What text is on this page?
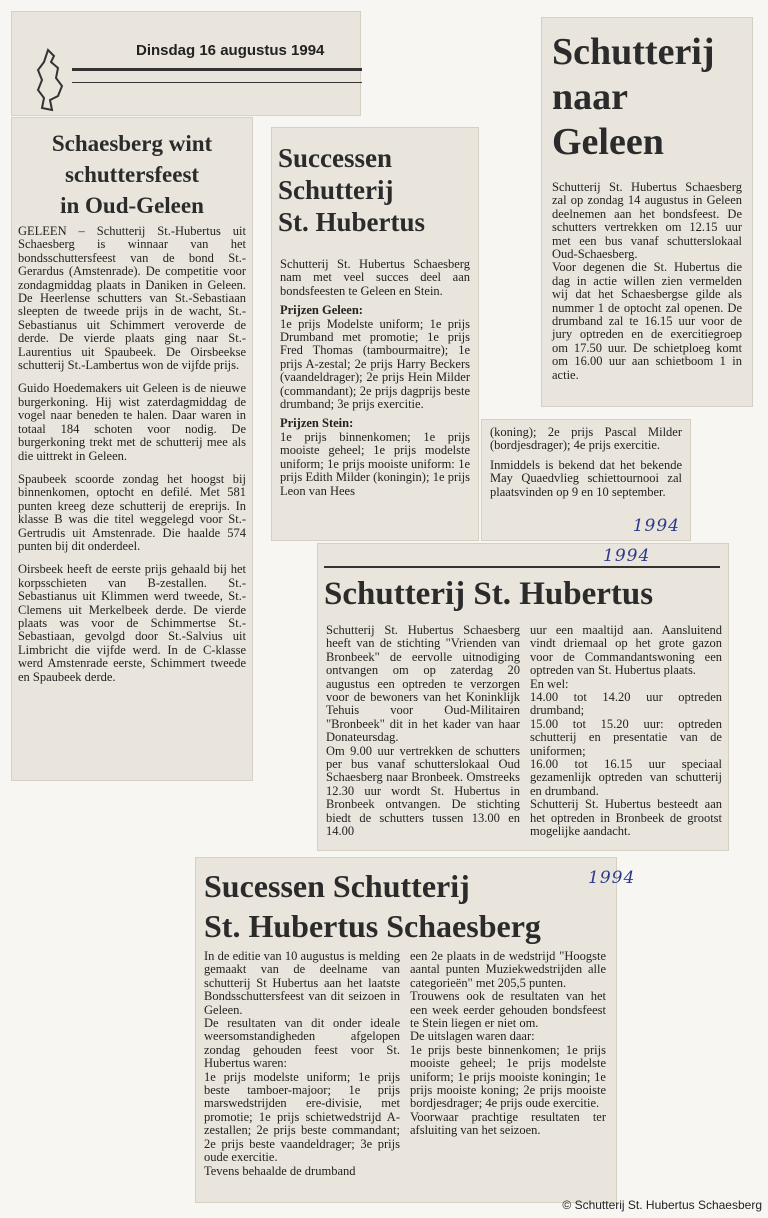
Dinsdag 16 augustus 1994
Schaesberg wint
schuttersfeest
in Oud-Geleen

GELEEN – Schutterij St.-Hubertus uit Schaesberg is winnaar van het bondsschuttersfeest van de bond St.-Gerardus (Amstenrade). De competitie voor zondagmiddag plaats in Daniken in Geleen. De Heerlense schutters van St.-Sebastiaan sleepten de tweede prijs in de wacht, St.-Sebastianus uit Schimmert veroverde de derde. De vierde plaats ging naar St.-Laurentius uit Spaubeek. De Oirsbeekse schutterij St.-Lambertus won de vijfde prijs.

Guido Hoedemakers uit Geleen is de nieuwe burgerkoning. Hij wist zaterdagmiddag de vogel naar beneden te halen. Daar waren in totaal 184 schoten voor nodig. De burgerkoning trekt met de schutterij mee als die uittrekt in Geleen.

Spaubeek scoorde zondag het hoogst bij binnenkomen, optocht en defilé. Met 581 punten kreeg deze schutterij de ereprijs. In klasse B was die titel weggelegd voor St.-Gertrudis uit Amstenrade. Die haalde 574 punten bij dit onderdeel.

Oirsbeek heeft de eerste prijs gehaald bij het korpsschieten van B-zestallen. St.-Sebastianus uit Klimmen werd tweede, St.-Clemens uit Merkelbeek derde. De vierde plaats was voor de Schimmertse St.-Sebastiaan, gevolgd door St.-Salvius uit Limbricht die vijfde werd. In de C-klasse werd Amstenrade eerste, Schimmert tweede en Spaubeek derde.

Successen
Schutterij
St. Hubertus

Schutterij St. Hubertus Schaesberg nam met veel succes deel aan bondsfeesten te Geleen en Stein.

Prijzen Geleen:

1e prijs Modelste uniform; 1e prijs Drumband met promotie; 1e prijs Fred Thomas (tambourmaitre); 1e prijs A-zestal; 2e prijs Harry Beckers (vaandeldrager); 2e prijs Hein Milder (commandant); 2e prijs dagprijs beste drumband; 3e prijs exercitie.

Prijzen Stein:

1e prijs binnenkomen; 1e prijs mooiste geheel; 1e prijs modelste uniform; 1e prijs mooiste uniform: 1e prijs Edith Milder (koningin); 1e prijs Leon van Hees

(koning); 2e prijs Pascal Milder (bordjesdrager); 4e prijs exercitie.

Inmiddels is bekend dat het bekende May Quaedvlieg schiettournooi zal plaatsvinden op 9 en 10 september.

1994
Schutterij
naar
Geleen

Schutterij St. Hubertus Schaesberg zal op zondag 14 augustus in Geleen deelnemen aan het bondsfeest. De schutters vertrekken om 12.15 uur met een bus vanaf schutterslokaal Oud-Schaesberg.

Voor degenen die St. Hubertus die dag in actie willen zien vermelden wij dat het Schaesbergse gilde als nummer 1 de optocht zal openen. De drumband zal te 16.15 uur voor de jury optreden en de exercitiegroep om 17.50 uur. De schietploeg komt om 16.00 uur aan schietboom 1 in actie.

1994
Schutterij St. Hubertus

Schutterij St. Hubertus Schaesberg heeft van de stichting "Vrienden van Bronbeek" de eervolle uitnodiging ontvangen om op zaterdag 20 augustus een optreden te verzorgen voor de bewoners van het Koninklijk Tehuis voor Oud-Militairen "Bronbeek" dit in het kader van haar Donateursdag.
Om 9.00 uur vertrekken de schutters per bus vanaf schutterslokaal Oud Schaesberg naar Bronbeek. Omstreeks 12.30 uur wordt St. Hubertus in Bronbeek ontvangen. De stichting biedt de schutters tussen 13.00 en 14.00

uur een maaltijd aan. Aansluitend vindt driemaal op het grote gazon voor de Commandantswoning een optreden van St. Hubertus plaats.
En wel:
14.00 tot 14.20 uur optreden drumband;
15.00 tot 15.20 uur: optreden schutterij en presentatie van de uniformen;
16.00 tot 16.15 uur speciaal gezamenlijk optreden van schutterij en drumband.
Schutterij St. Hubertus besteedt aan het optreden in Bronbeek de grootst mogelijke aandacht.

Sucessen Schutterij
St. Hubertus Schaesberg
1994

In de editie van 10 augustus is melding gemaakt van de deelname van schutterij St Hubertus aan het laatste Bondsschuttersfeest van dit seizoen in Geleen.
De resultaten van dit onder ideale weersomstandigheden afgelopen zondag gehouden feest voor St. Hubertus waren:
1e prijs modelste uniform; 1e prijs beste tamboer-majoor; 1e prijs marswedstrijden ere-divisie, met promotie; 1e prijs schietwedstrijd A-zestallen; 2e prijs beste commandant; 2e prijs beste vaandeldrager; 3e prijs oude exercitie.
Tevens behaalde de drumband

een 2e plaats in de wedstrijd "Hoogste aantal punten Muziekwedstrijden alle categorieën" met 205,5 punten.
Trouwens ook de resultaten van het een week eerder gehouden bondsfeest te Stein liegen er niet om.
De uitslagen waren daar:
1e prijs beste binnenkomen; 1e prijs mooiste geheel; 1e prijs modelste uniform; 1e prijs mooiste koningin; 1e prijs mooiste koning; 2e prijs mooiste bordjesdrager; 4e prijs oude exercitie.
Voorwaar prachtige resultaten ter afsluiting van het seizoen.

© Schutterij St. Hubertus Schaesberg
